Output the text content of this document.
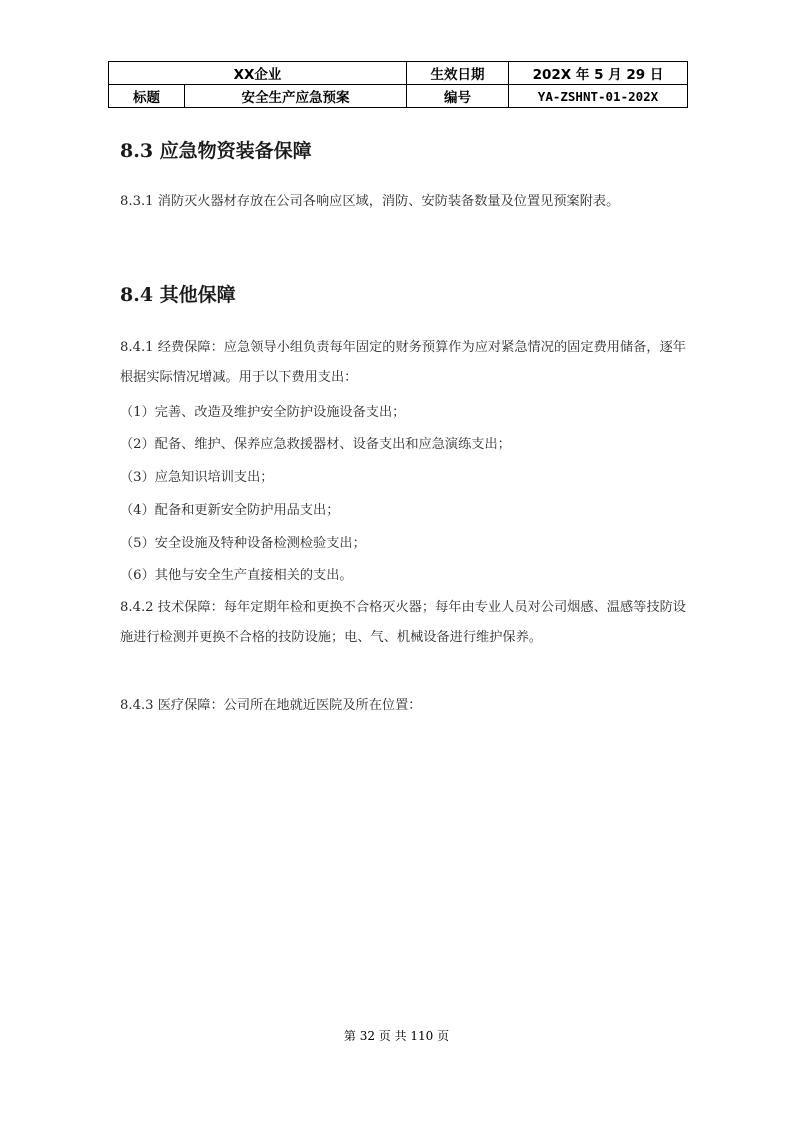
XX企业		生效日期	202X 年 5 月 29 日
标题	安全生产应急预案	编号	YA-ZSHNT-01-202X
8.3 应急物资装备保障

8.3.1 消防灭火器材存放在公司各响应区域，消防、安防装备数量及位置见预案附表。

8.4 其他保障

8.4.1 经费保障：应急领导小组负责每年固定的财务预算作为应对紧急情况的固定费用储备，逐年根据实际情况增减。用于以下费用支出：

（1）完善、改造及维护安全防护设施设备支出；

（2）配备、维护、保养应急救援器材、设备支出和应急演练支出；

（3）应急知识培训支出；

（4）配备和更新安全防护用品支出；

（5）安全设施及特种设备检测检验支出；

（6）其他与安全生产直接相关的支出。

8.4.2 技术保障：每年定期年检和更换不合格灭火器；每年由专业人员对公司烟感、温感等技防设施进行检测并更换不合格的技防设施；电、气、机械设备进行维护保养。

8.4.3 医疗保障：公司所在地就近医院及所在位置：

第 32 页 共 110 页
